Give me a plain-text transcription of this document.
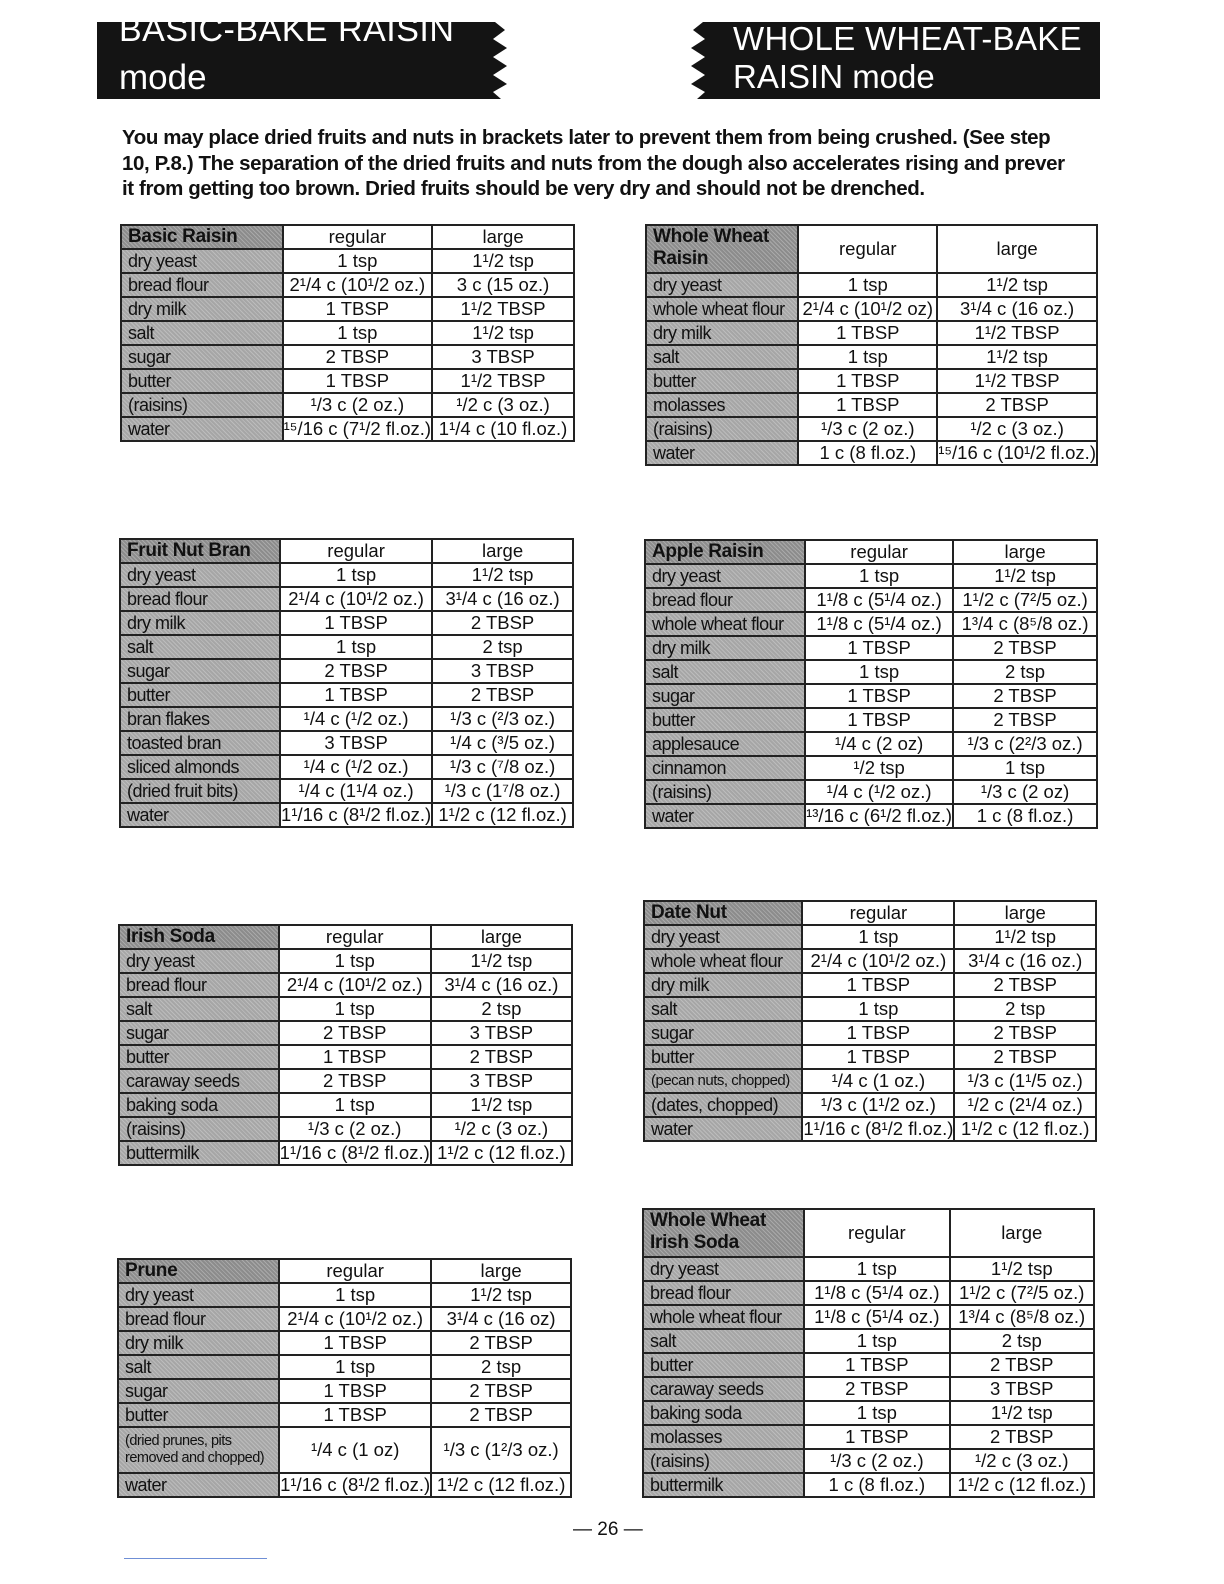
BASIC-BAKE RAISIN
mode
WHOLE WHEAT-BAKE
RAISIN mode
You may place dried fruits and nuts in brackets later to prevent them from being crushed. (See step
10, P.8.) The separation of the dried fruits and nuts from the dough also accelerates rising and prever
it from getting too brown. Dried fruits should be very dry and should not be drenched.
Basic Raisin	regular	large
dry yeast	1 tsp	1¹/2 tsp
bread flour	2¹/4 c (10¹/2 oz.)	3 c (15 oz.)
dry milk	1 TBSP	1¹/2 TBSP
salt	1 tsp	1¹/2 tsp
sugar	2 TBSP	3 TBSP
butter	1 TBSP	1¹/2 TBSP
(raisins)	¹/3 c (2 oz.)	¹/2 c (3 oz.)
water	¹⁵/16 c (7¹/2 fl.oz.)	1¹/4 c (10 fl.oz.)
Whole Wheat
Raisin	regular	large
dry yeast	1 tsp	1¹/2 tsp
whole wheat flour	2¹/4 c (10¹/2 oz)	3¹/4 c (16 oz.)
dry milk	1 TBSP	1¹/2 TBSP
salt	1 tsp	1¹/2 tsp
butter	1 TBSP	1¹/2 TBSP
molasses	1 TBSP	2 TBSP
(raisins)	¹/3 c (2 oz.)	¹/2 c (3 oz.)
water	1 c (8 fl.oz.)	¹⁵/16 c (10¹/2 fl.oz.)
Fruit Nut Bran	regular	large
dry yeast	1 tsp	1¹/2 tsp
bread flour	2¹/4 c (10¹/2 oz.)	3¹/4 c (16 oz.)
dry milk	1 TBSP	2 TBSP
salt	1 tsp	2 tsp
sugar	2 TBSP	3 TBSP
butter	1 TBSP	2 TBSP
bran flakes	¹/4 c (¹/2 oz.)	¹/3 c (²/3 oz.)
toasted bran	3 TBSP	¹/4 c (³/5 oz.)
sliced almonds	¹/4 c (¹/2 oz.)	¹/3 c (⁷/8 oz.)
(dried fruit bits)	¹/4 c (1¹/4 oz.)	¹/3 c (1⁷/8 oz.)
water	1¹/16 c (8¹/2 fl.oz.)	1¹/2 c (12 fl.oz.)
Apple Raisin	regular	large
dry yeast	1 tsp	1¹/2 tsp
bread flour	1¹/8 c (5¹/4 oz.)	1¹/2 c (7²/5 oz.)
whole wheat flour	1¹/8 c (5¹/4 oz.)	1³/4 c (8⁵/8 oz.)
dry milk	1 TBSP	2 TBSP
salt	1 tsp	2 tsp
sugar	1 TBSP	2 TBSP
butter	1 TBSP	2 TBSP
applesauce	¹/4 c (2 oz)	¹/3 c (2²/3 oz.)
cinnamon	¹/2 tsp	1 tsp
(raisins)	¹/4 c (¹/2 oz.)	¹/3 c (2 oz)
water	¹³/16 c (6¹/2 fl.oz.)	1 c (8 fl.oz.)
Irish Soda	regular	large
dry yeast	1 tsp	1¹/2 tsp
bread flour	2¹/4 c (10¹/2 oz.)	3¹/4 c (16 oz.)
salt	1 tsp	2 tsp
sugar	2 TBSP	3 TBSP
butter	1 TBSP	2 TBSP
caraway seeds	2 TBSP	3 TBSP
baking soda	1 tsp	1¹/2 tsp
(raisins)	¹/3 c (2 oz.)	¹/2 c (3 oz.)
buttermilk	1¹/16 c (8¹/2 fl.oz.)	1¹/2 c (12 fl.oz.)
Date Nut	regular	large
dry yeast	1 tsp	1¹/2 tsp
whole wheat flour	2¹/4 c (10¹/2 oz.)	3¹/4 c (16 oz.)
dry milk	1 TBSP	2 TBSP
salt	1 tsp	2 tsp
sugar	1 TBSP	2 TBSP
butter	1 TBSP	2 TBSP
(pecan nuts, chopped)	¹/4 c (1 oz.)	¹/3 c (1¹/5 oz.)
(dates, chopped)	¹/3 c (1¹/2 oz.)	¹/2 c (2¹/4 oz.)
water	1¹/16 c (8¹/2 fl.oz.)	1¹/2 c (12 fl.oz.)
Prune	regular	large
dry yeast	1 tsp	1¹/2 tsp
bread flour	2¹/4 c (10¹/2 oz.)	3¹/4 c (16 oz)
dry milk	1 TBSP	2 TBSP
salt	1 tsp	2 tsp
sugar	1 TBSP	2 TBSP
butter	1 TBSP	2 TBSP

(dried prunes, pits
removed and chopped)	¹/4 c (1 oz)	¹/3 c (1²/3 oz.)
water	1¹/16 c (8¹/2 fl.oz.)	1¹/2 c (12 fl.oz.)
Whole Wheat
Irish Soda	regular	large
dry yeast	1 tsp	1¹/2 tsp
bread flour	1¹/8 c (5¹/4 oz.)	1¹/2 c (7²/5 oz.)
whole wheat flour	1¹/8 c (5¹/4 oz.)	1³/4 c (8⁵/8 oz.)
salt	1 tsp	2 tsp
butter	1 TBSP	2 TBSP
caraway seeds	2 TBSP	3 TBSP
baking soda	1 tsp	1¹/2 tsp
molasses	1 TBSP	2 TBSP
(raisins)	¹/3 c (2 oz.)	¹/2 c (3 oz.)
buttermilk	1 c (8 fl.oz.)	1¹/2 c (12 fl.oz.)
— 26 —
